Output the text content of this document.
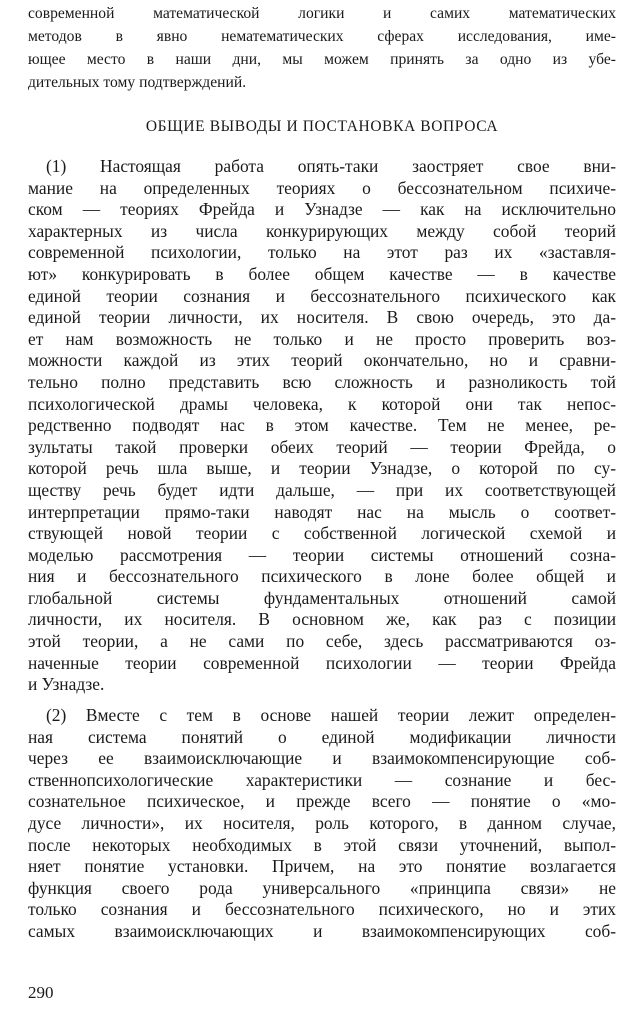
современной математической логики и самих математических
методов в явно нематематических сферах исследования, име-
ющее место в наши дни, мы можем принять за одно из убе-
дительных тому подтверждений.
ОБЩИЕ ВЫВОДЫ И ПОСТАНОВКА ВОПРОСА
(1) Настоящая работа опять-таки заостряет свое вни-
мание на определенных теориях о бессознательном психиче-
ском — теориях Фрейда и Узнадзе — как на исключительно
характерных из числа конкурирующих между собой теорий
современной психологии, только на этот раз их «заставля-
ют» конкурировать в более общем качестве — в качестве
единой теории сознания и бессознательного психического как
единой теории личности, их носителя. В свою очередь, это да-
ет нам возможность не только и не просто проверить воз-
можности каждой из этих теорий окончательно, но и сравни-
тельно полно представить всю сложность и разноликость той
психологической драмы человека, к которой они так непос-
редственно подводят нас в этом качестве. Тем не менее, ре-
зультаты такой проверки обеих теорий — теории Фрейда, о
которой речь шла выше, и теории Узнадзе, о которой по су-
ществу речь будет идти дальше, — при их соответствующей
интерпретации прямо-таки наводят нас на мысль о соответ-
ствующей новой теории с собственной логической схемой и
моделью рассмотрения — теории системы отношений созна-
ния и бессознательного психического в лоне более общей и
глобальной системы фундаментальных отношений самой
личности, их носителя. В основном же, как раз с позиции
этой теории, а не сами по себе, здесь рассматриваются оз-
наченные теории современной психологии — теории Фрейда
и Узнадзе.
(2) Вместе с тем в основе нашей теории лежит определен-
ная система понятий о единой модификации личности
через ее взаимоисключающие и взаимокомпенсирующие соб-
ственнопсихологические характеристики — сознание и бес-
сознательное психическое, и прежде всего — понятие о «мо-
дусе личности», их носителя, роль которого, в данном случае,
после некоторых необходимых в этой связи уточнений, выпол-
няет понятие установки. Причем, на это понятие возлагается
функция своего рода универсального «принципа связи» не
только сознания и бессознательного психического, но и этих
самых взаимоисключающих и взаимокомпенсирующих соб-
290
